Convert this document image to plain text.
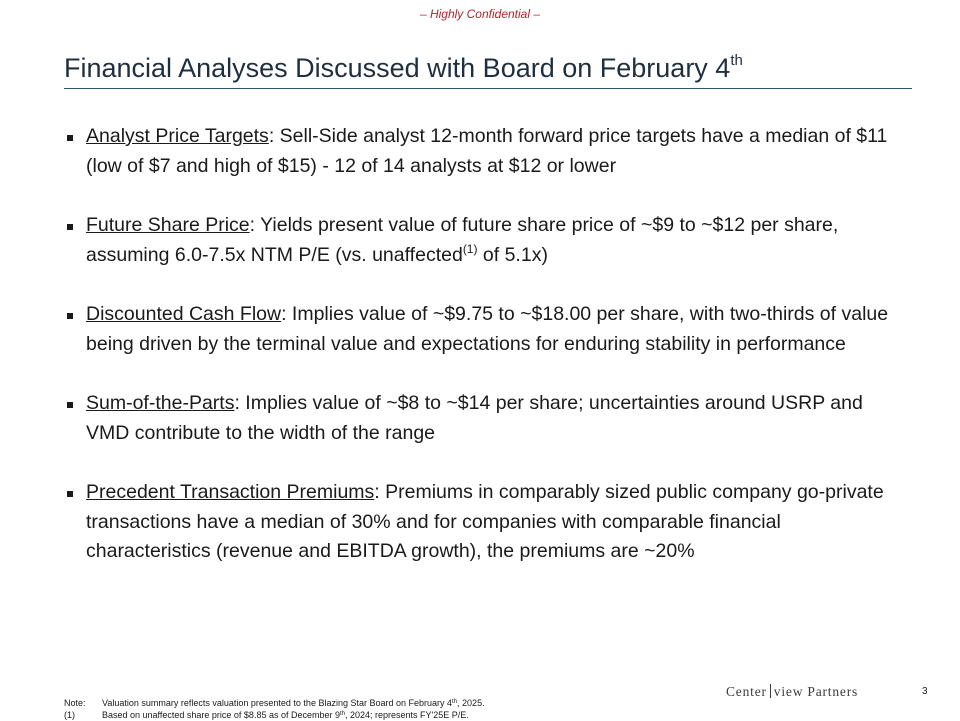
– Highly Confidential –
Financial Analyses Discussed with Board on February 4th
Analyst Price Targets: Sell-Side analyst 12-month forward price targets have a median of $11 (low of $7 and high of $15) - 12 of 14 analysts at $12 or lower
Future Share Price: Yields present value of future share price of ~$9 to ~$12 per share, assuming 6.0-7.5x NTM P/E (vs. unaffected$^{(1)}$ of 5.1x)
Discounted Cash Flow: Implies value of ~$9.75 to ~$18.00 per share, with two-thirds of value being driven by the terminal value and expectations for enduring stability in performance
Sum-of-the-Parts: Implies value of ~$8 to ~$14 per share; uncertainties around USRP and VMD contribute to the width of the range
Precedent Transaction Premiums: Premiums in comparably sized public company go-private transactions have a median of 30% and for companies with comparable financial characteristics (revenue and EBITDA growth), the premiums are ~20%
Center view Partners	3
Note:	Valuation summary reflects valuation presented to the Blazing Star Board on February 4th, 2025.
(1)	Based on unaffected share price of $8.85 as of December 9th, 2024; represents FY'25E P/E.
